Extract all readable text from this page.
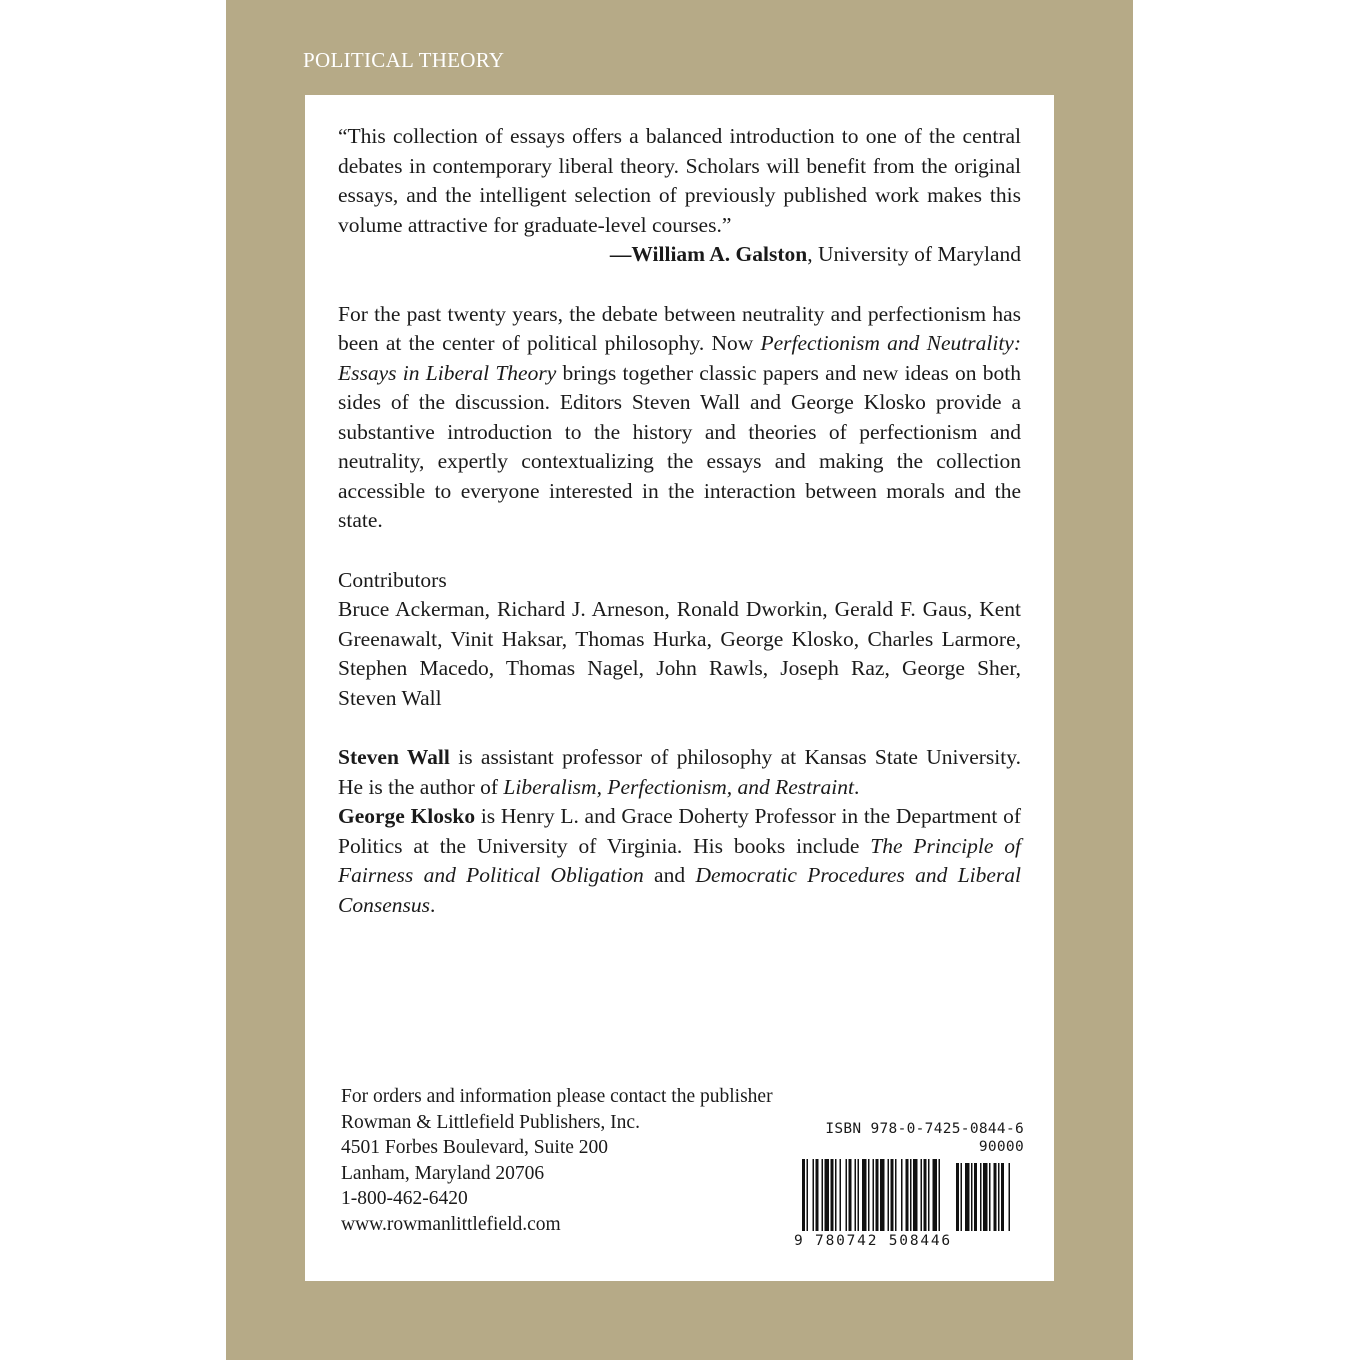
POLITICAL THEORY

“This collection of essays offers a balanced introduction to one of the central debates in contemporary liberal theory. Scholars will benefit from the original essays, and the intelligent selection of previously published work makes this volume attractive for graduate-level courses.”

—William A. Galston, University of Maryland

For the past twenty years, the debate between neutrality and perfectionism has been at the center of political philosophy. Now Perfectionism and Neutrality: Essays in Liberal Theory brings together classic papers and new ideas on both sides of the discussion. Editors Steven Wall and George Klosko provide a substantive introduction to the history and theories of perfectionism and neutrality, expertly contextualizing the essays and making the collection accessible to everyone interested in the interaction between morals and the state.

Contributors

Bruce Ackerman, Richard J. Arneson, Ronald Dworkin, Gerald F. Gaus, Kent Greenawalt, Vinit Haksar, Thomas Hurka, George Klosko, Charles Larmore, Stephen Macedo, Thomas Nagel, John Rawls, Joseph Raz, George Sher, Steven Wall

Steven Wall is assistant professor of philosophy at Kansas State University. He is the author of Liberalism, Perfectionism, and Restraint.

George Klosko is Henry L. and Grace Doherty Professor in the Department of Politics at the University of Virginia. His books include The Principle of Fairness and Political Obligation and Democratic Procedures and Liberal Consensus.

For orders and information please contact the publisher
Rowman & Littlefield Publishers, Inc.
4501 Forbes Boulevard, Suite 200
Lanham, Maryland 20706
1-800-462-6420
www.rowmanlittlefield.com
ISBN 978-0-7425-0844-6
90000
9 780742 508446
